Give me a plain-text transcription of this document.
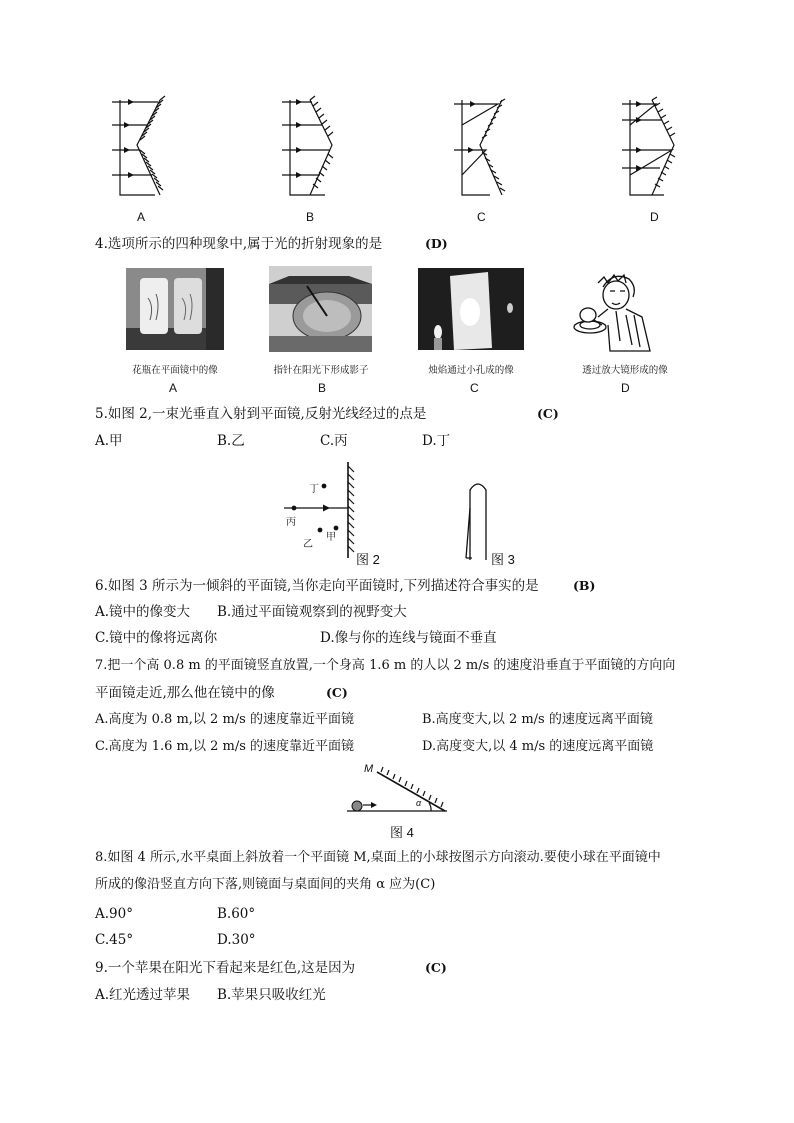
A	B	C	D
4.选项所示的四种现象中,属于光的折射现象的是	(D)
花瓶在平面镜中的像
A
指针在阳光下形成影子
B
烛焰通过小孔成的像
C
透过放大镜形成的像
D
5.如图 2,一束光垂直入射到平面镜,反射光线经过的点是	(C)
A.甲	B.乙	C.丙	D.丁
丁
丙
乙
甲
图 2	图 3
6.如图 3 所示为一倾斜的平面镜,当你走向平面镜时,下列描述符合事实的是	(B)
A.镜中的像变大 B.通过平面镜观察到的视野变大
C.镜中的像将远离你	D.像与你的连线与镜面不垂直
7.把一个高 0.8 m 的平面镜竖直放置,一个身高 1.6 m 的人以 2 m/s 的速度沿垂直于平面镜的方向向
平面镜走近,那么他在镜中的像	(C)
A.高度为 0.8 m,以 2 m/s 的速度靠近平面镜	B.高度变大,以 2 m/s 的速度远离平面镜
C.高度为 1.6 m,以 2 m/s 的速度靠近平面镜	D.高度变大,以 4 m/s 的速度远离平面镜
M
α
图 4
8.如图 4 所示,水平桌面上斜放着一个平面镜 M,桌面上的小球按图示方向滚动.要使小球在平面镜中
所成的像沿竖直方向下落,则镜面与桌面间的夹角 α 应为(C)
A.90°	B.60°
C.45°	D.30°
9.一个苹果在阳光下看起来是红色,这是因为	(C)
A.红光透过苹果 B.苹果只吸收红光
